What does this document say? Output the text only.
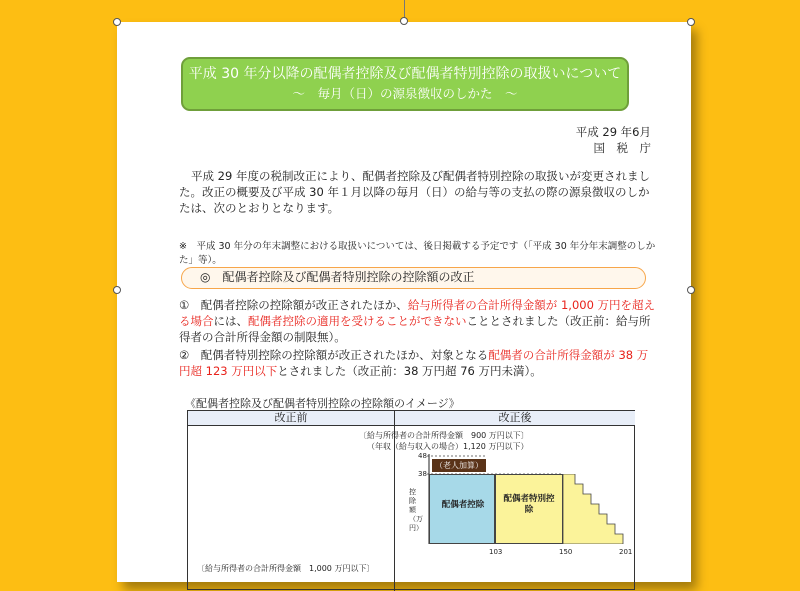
平成 30 年分以降の配偶者控除及び配偶者特別控除の取扱いについて
～　毎月（日）の源泉徴収のしかた　～
平成 29 年6月
国　税　庁
平成 29 年度の税制改正により、配偶者控除及び配偶者特別控除の取扱いが変更されました。改正の概要及び平成 30 年１月以降の毎月（日）の給与等の支払の際の源泉徴収のしかたは、次のとおりとなります。
※　平成 30 年分の年末調整における取扱いについては、後日掲載する予定です（「平成 30 年分年末調整のしかた」等）。
◎　配偶者控除及び配偶者特別控除の控除額の改正
①　配偶者控除の控除額が改正されたほか、給与所得者の合計所得金額が 1,000 万円を超える場合には、配偶者控除の適用を受けることができないこととされました（改正前：給与所得者の合計所得金額の制限無）。
②　配偶者特別控除の控除額が改正されたほか、対象となる配偶者の合計所得金額が 38 万円超 123 万円以下とされました（改正前：38 万円超 76 万円未満）。
《配偶者控除及び配偶者特別控除の控除額のイメージ》
改正前	改正後
〔給与所得者の合計所得金額　900 万円以下〕
（年収（給与収入の場合）1,120 万円以下）
48
38
控除額（万円）
（老人加算）
配偶者控除
配偶者特別控除
103	150	201
〔給与所得者の合計所得金額　1,000 万円以下〕
